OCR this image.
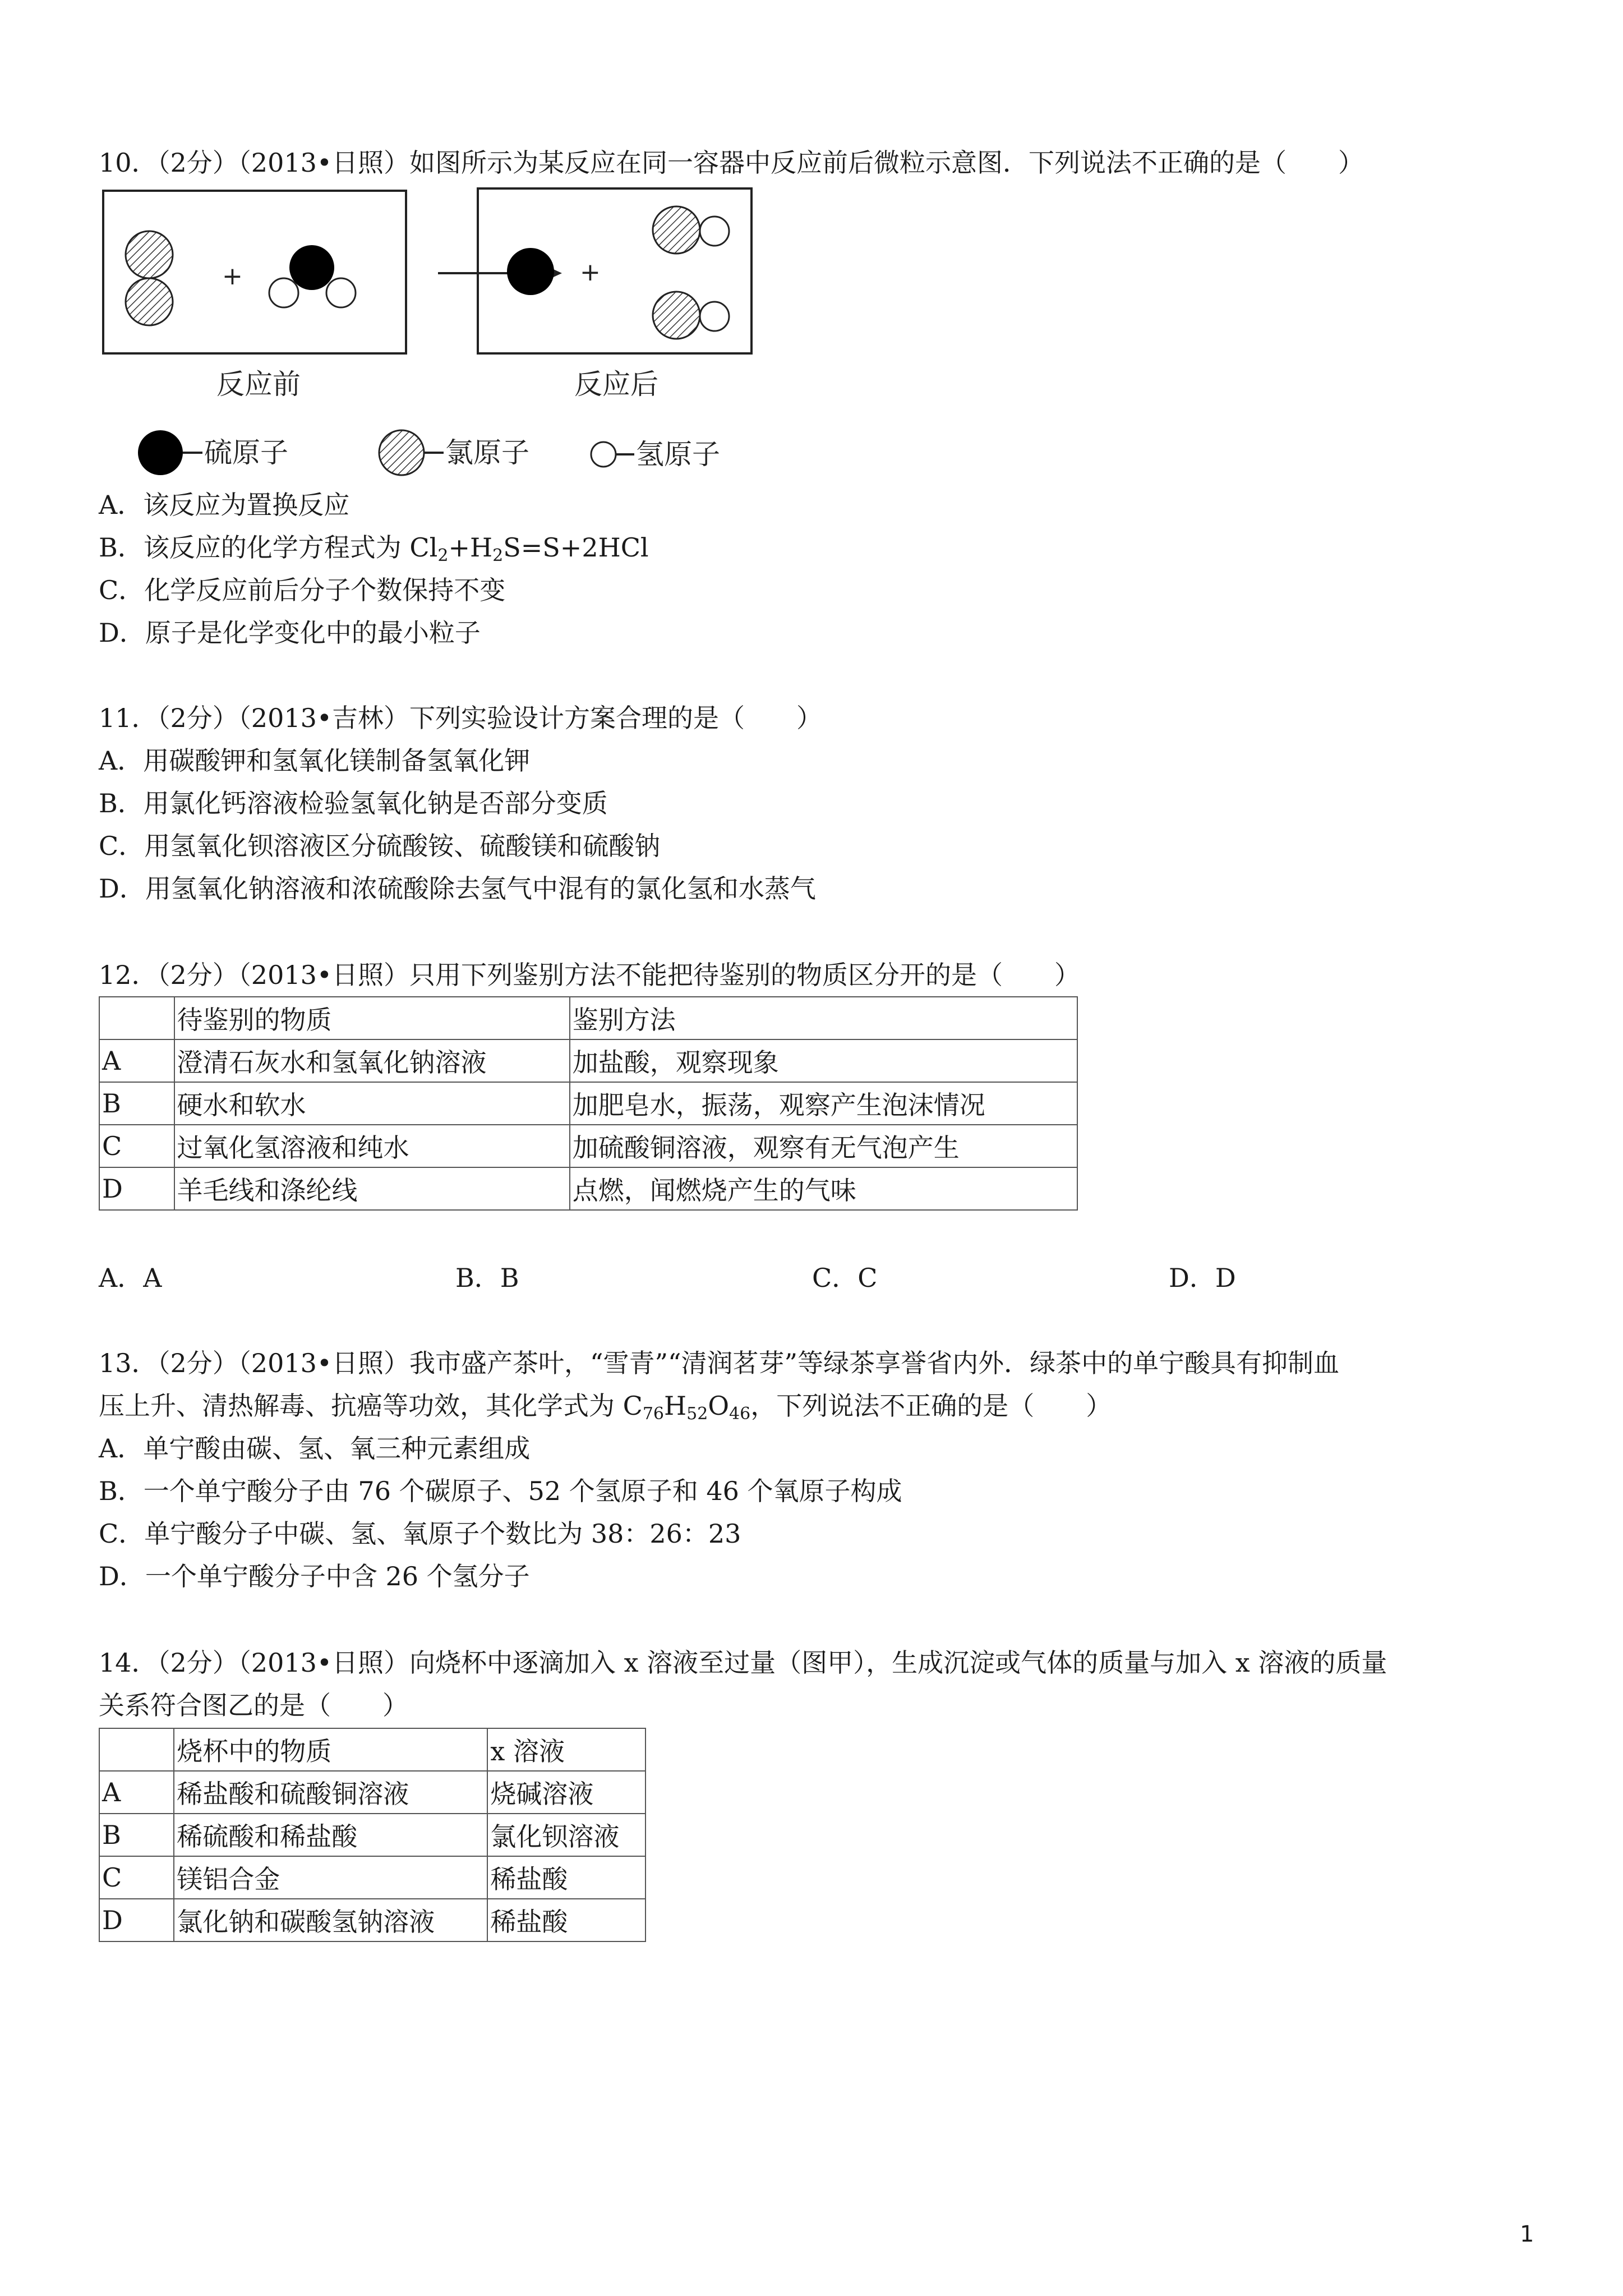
10．（2分）（2013•日照）如图所示为某反应在同一容器中反应前后微粒示意图．下列说法不正确的是（　　）
+	+
反应前	反应后
硫原子	氯原子	氢原子
A．该反应为置换反应
B．该反应的化学方程式为 $Cl_2+H_2S=S+2HCl$
C．化学反应前后分子个数保持不变
D．原子是化学变化中的最小粒子
11．（2分）（2013•吉林）下列实验设计方案合理的是（　　）
A．用碳酸钾和氢氧化镁制备氢氧化钾
B．用氯化钙溶液检验氢氧化钠是否部分变质
C．用氢氧化钡溶液区分硫酸铵、硫酸镁和硫酸钠
D．用氢氧化钠溶液和浓硫酸除去氢气中混有的氯化氢和水蒸气
12．（2分）（2013•日照）只用下列鉴别方法不能把待鉴别的物质区分开的是（　　）
	待鉴别的物质	鉴别方法
A	澄清石灰水和氢氧化钠溶液	加盐酸，观察现象
B	硬水和软水	加肥皂水，振荡，观察产生泡沫情况
C	过氧化氢溶液和纯水	加硫酸铜溶液，观察有无气泡产生
D	羊毛线和涤纶线	点燃，闻燃烧产生的气味
A．A	B．B	C．C	D．D
13．（2分）（2013•日照）我市盛产茶叶，“雪青”“清润茗芽”等绿茶享誉省内外．绿茶中的单宁酸具有抑制血
压上升、清热解毒、抗癌等功效，其化学式为 $C_{76}H_{52}O_{46}$，下列说法不正确的是（　　）
A．单宁酸由碳、氢、氧三种元素组成
B．一个单宁酸分子由 76 个碳原子、52 个氢原子和 46 个氧原子构成
C．单宁酸分子中碳、氢、氧原子个数比为 38：26：23
D．一个单宁酸分子中含 26 个氢分子
14．（2分）（2013•日照）向烧杯中逐滴加入 x 溶液至过量（图甲），生成沉淀或气体的质量与加入 x 溶液的质量
关系符合图乙的是（　　）
	烧杯中的物质	x 溶液
A	稀盐酸和硫酸铜溶液	烧碱溶液
B	稀硫酸和稀盐酸	氯化钡溶液
C	镁铝合金	稀盐酸
D	氯化钠和碳酸氢钠溶液	稀盐酸
1
